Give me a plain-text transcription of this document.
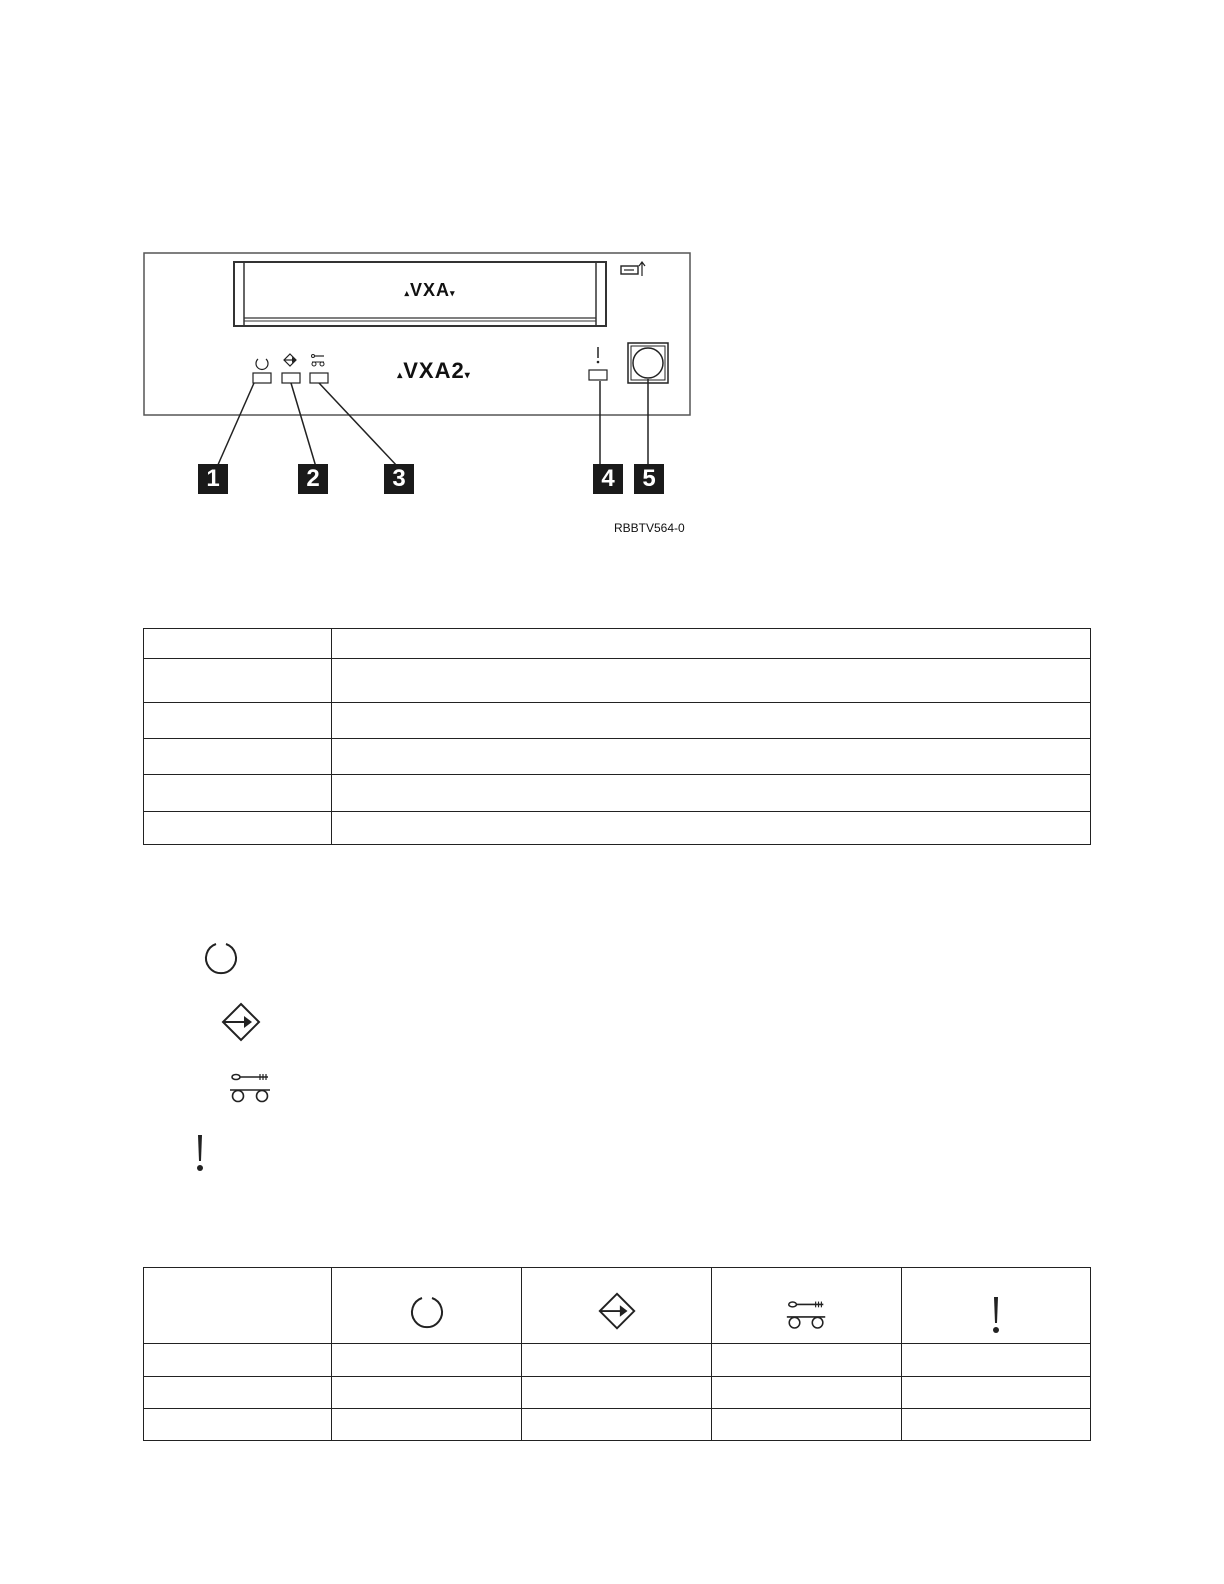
▴VXA▾
▴VXA2▾
1	2	3	4	5
RBBTV564-0
